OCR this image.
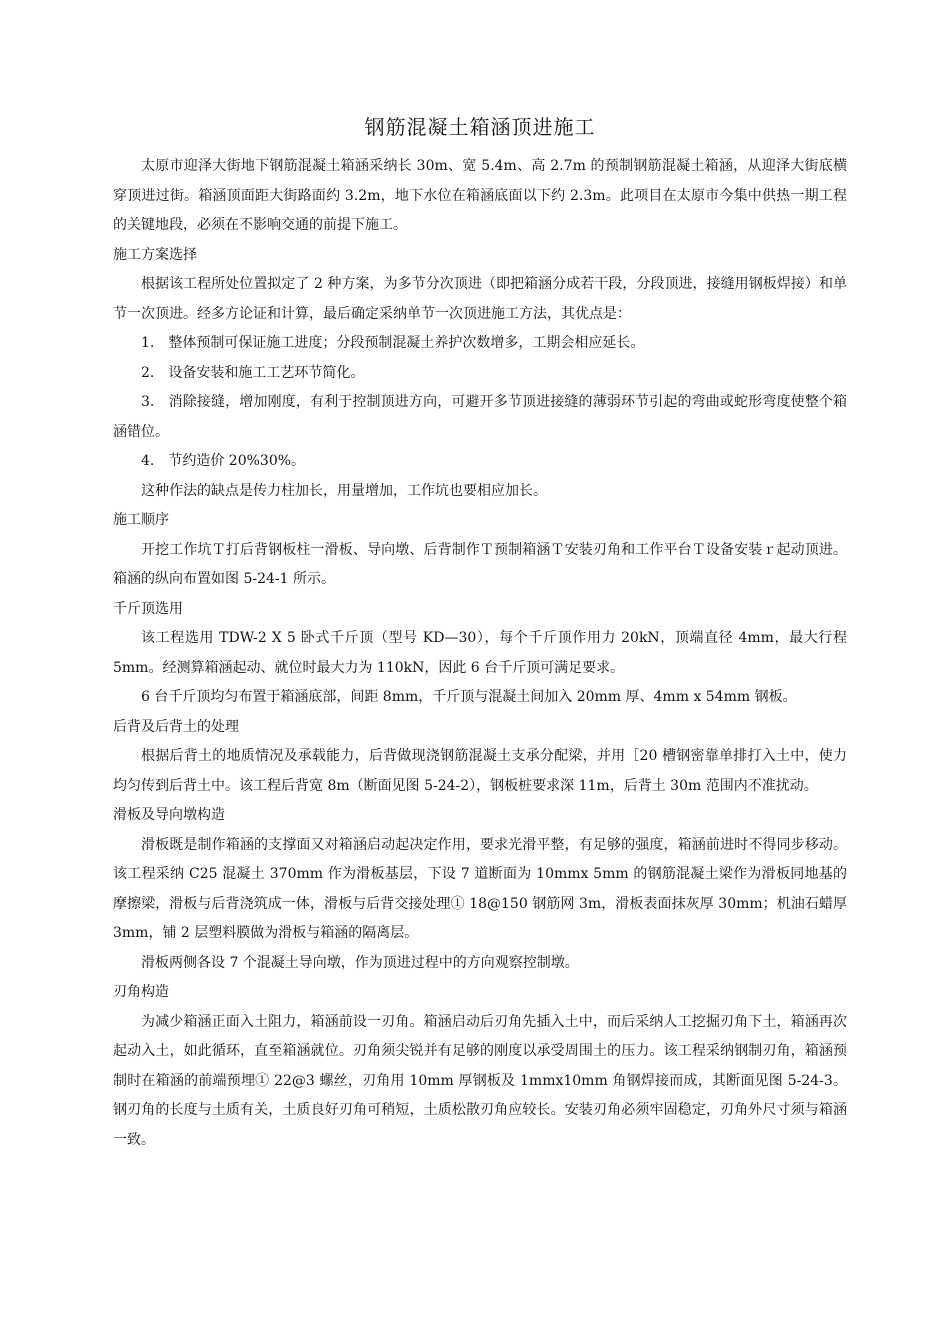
钢筋混凝土箱涵顶进施工

太原市迎泽大街地下钢筋混凝土箱涵采纳长 30m、宽 5.4m、高 2.7m 的预制钢筋混凝土箱涵，从迎泽大街底横穿顶进过街。箱涵顶面距大街路面约 3.2m，地下水位在箱涵底面以下约 2.3m。此项目在太原市今集中供热一期工程的关键地段，必须在不影响交通的前提下施工。

施工方案选择

根据该工程所处位置拟定了 2 种方案，为多节分次顶进（即把箱涵分成若干段，分段顶进，接缝用钢板焊接）和单节一次顶进。经多方论证和计算，最后确定采纳单节一次顶进施工方法，其优点是：

1.　整体预制可保证施工进度；分段预制混凝土养护次数增多，工期会相应延长。

2.　设备安装和施工工艺环节简化。

3.　消除接缝，增加刚度，有利于控制顶进方向，可避开多节顶进接缝的薄弱环节引起的弯曲或蛇形弯度使整个箱涵错位。

4.　节约造价 20%30%。

这种作法的缺点是传力柱加长，用量增加，工作坑也要相应加长。

施工顺序

开挖工作坑Ｔ打后背钢板柱一滑板、导向墩、后背制作Ｔ预制箱涵Ｔ安装刃角和工作平台Ｔ设备安装ｒ起动顶进。箱涵的纵向布置如图 5-24-1 所示。

千斤顶选用

该工程选用 TDW-2 X 5 卧式千斤顶（型号 KD—30），每个千斤顶作用力 20kN，顶端直径 4mm，最大行程 5mm。经测算箱涵起动、就位时最大力为 110kN，因此 6 台千斤顶可满足要求。

6 台千斤顶均匀布置于箱涵底部，间距 8mm，千斤顶与混凝土间加入 20mm 厚、4mm x 54mm 钢板。

后背及后背土的处理

根据后背土的地质情况及承载能力，后背做现浇钢筋混凝土支承分配梁，并用［20 槽钢密靠单排打入土中，使力均匀传到后背土中。该工程后背宽 8m（断面见图 5-24-2），钢板桩要求深 11m，后背土 30m 范围内不准扰动。

滑板及导向墩构造

滑板既是制作箱涵的支撑面又对箱涵启动起决定作用，要求光滑平整，有足够的强度，箱涵前进时不得同步移动。该工程采纳 C25 混凝土 370mm 作为滑板基层，下设 7 道断面为 10mmx 5mm 的钢筋混凝土梁作为滑板同地基的摩擦梁，滑板与后背浇筑成一体，滑板与后背交接处理① 18@150 钢筋网 3m，滑板表面抹灰厚 30mm；机油石蜡厚 3mm，铺 2 层塑料膜做为滑板与箱涵的隔离层。

滑板两侧各设 7 个混凝土导向墩，作为顶进过程中的方向观察控制墩。

刃角构造

为减少箱涵正面入土阻力，箱涵前设一刃角。箱涵启动后刃角先插入土中，而后采纳人工挖掘刃角下土，箱涵再次起动入土，如此循环，直至箱涵就位。刃角须尖锐并有足够的刚度以承受周围土的压力。该工程采纳钢制刃角，箱涵预制时在箱涵的前端预埋① 22@3 螺丝，刃角用 10mm 厚钢板及 1mmx10mm 角钢焊接而成，其断面见图 5-24-3。钢刃角的长度与土质有关，土质良好刃角可稍短，土质松散刃角应较长。安装刃角必须牢固稳定，刃角外尺寸须与箱涵一致。
